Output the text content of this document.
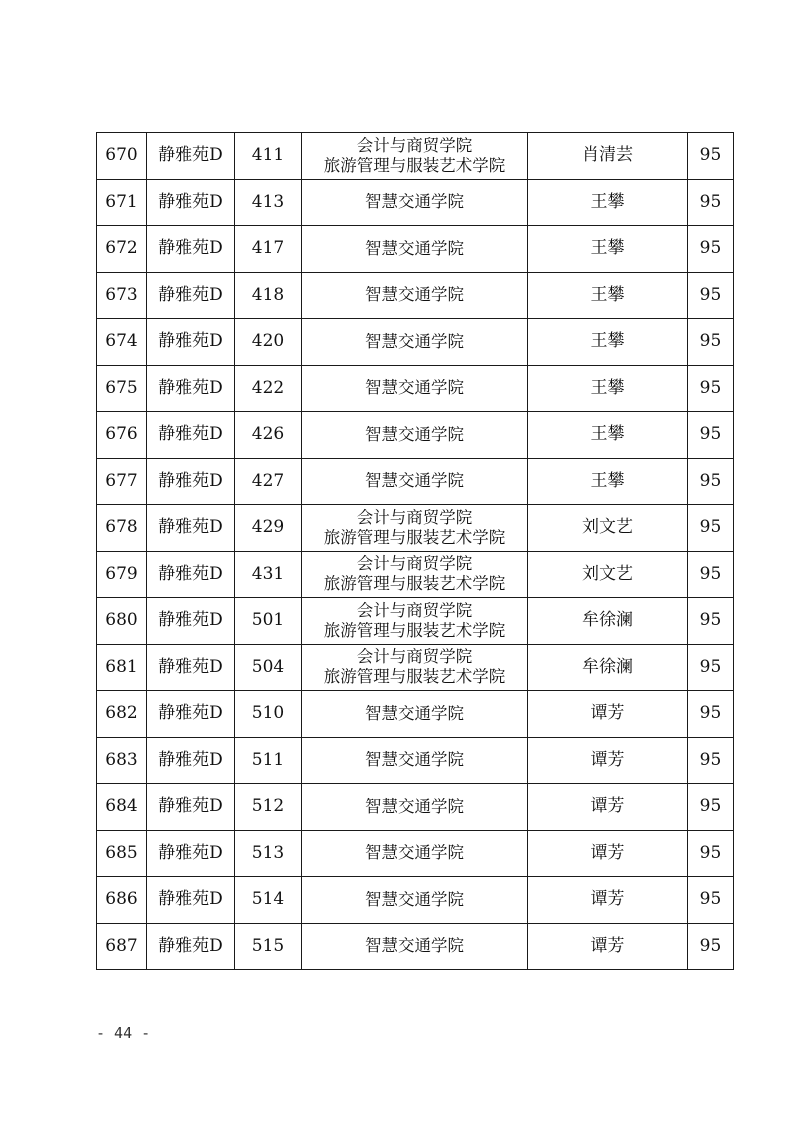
670	静雅苑D	411	会计与商贸学院
旅游管理与服装艺术学院	肖清芸	95
671	静雅苑D	413	智慧交通学院	王攀	95
672	静雅苑D	417	智慧交通学院	王攀	95
673	静雅苑D	418	智慧交通学院	王攀	95
674	静雅苑D	420	智慧交通学院	王攀	95
675	静雅苑D	422	智慧交通学院	王攀	95
676	静雅苑D	426	智慧交通学院	王攀	95
677	静雅苑D	427	智慧交通学院	王攀	95
678	静雅苑D	429	会计与商贸学院
旅游管理与服装艺术学院	刘文艺	95
679	静雅苑D	431	会计与商贸学院
旅游管理与服装艺术学院	刘文艺	95
680	静雅苑D	501	会计与商贸学院
旅游管理与服装艺术学院	牟徐澜	95
681	静雅苑D	504	会计与商贸学院
旅游管理与服装艺术学院	牟徐澜	95
682	静雅苑D	510	智慧交通学院	谭芳	95
683	静雅苑D	511	智慧交通学院	谭芳	95
684	静雅苑D	512	智慧交通学院	谭芳	95
685	静雅苑D	513	智慧交通学院	谭芳	95
686	静雅苑D	514	智慧交通学院	谭芳	95
687	静雅苑D	515	智慧交通学院	谭芳	95
- 44 -
